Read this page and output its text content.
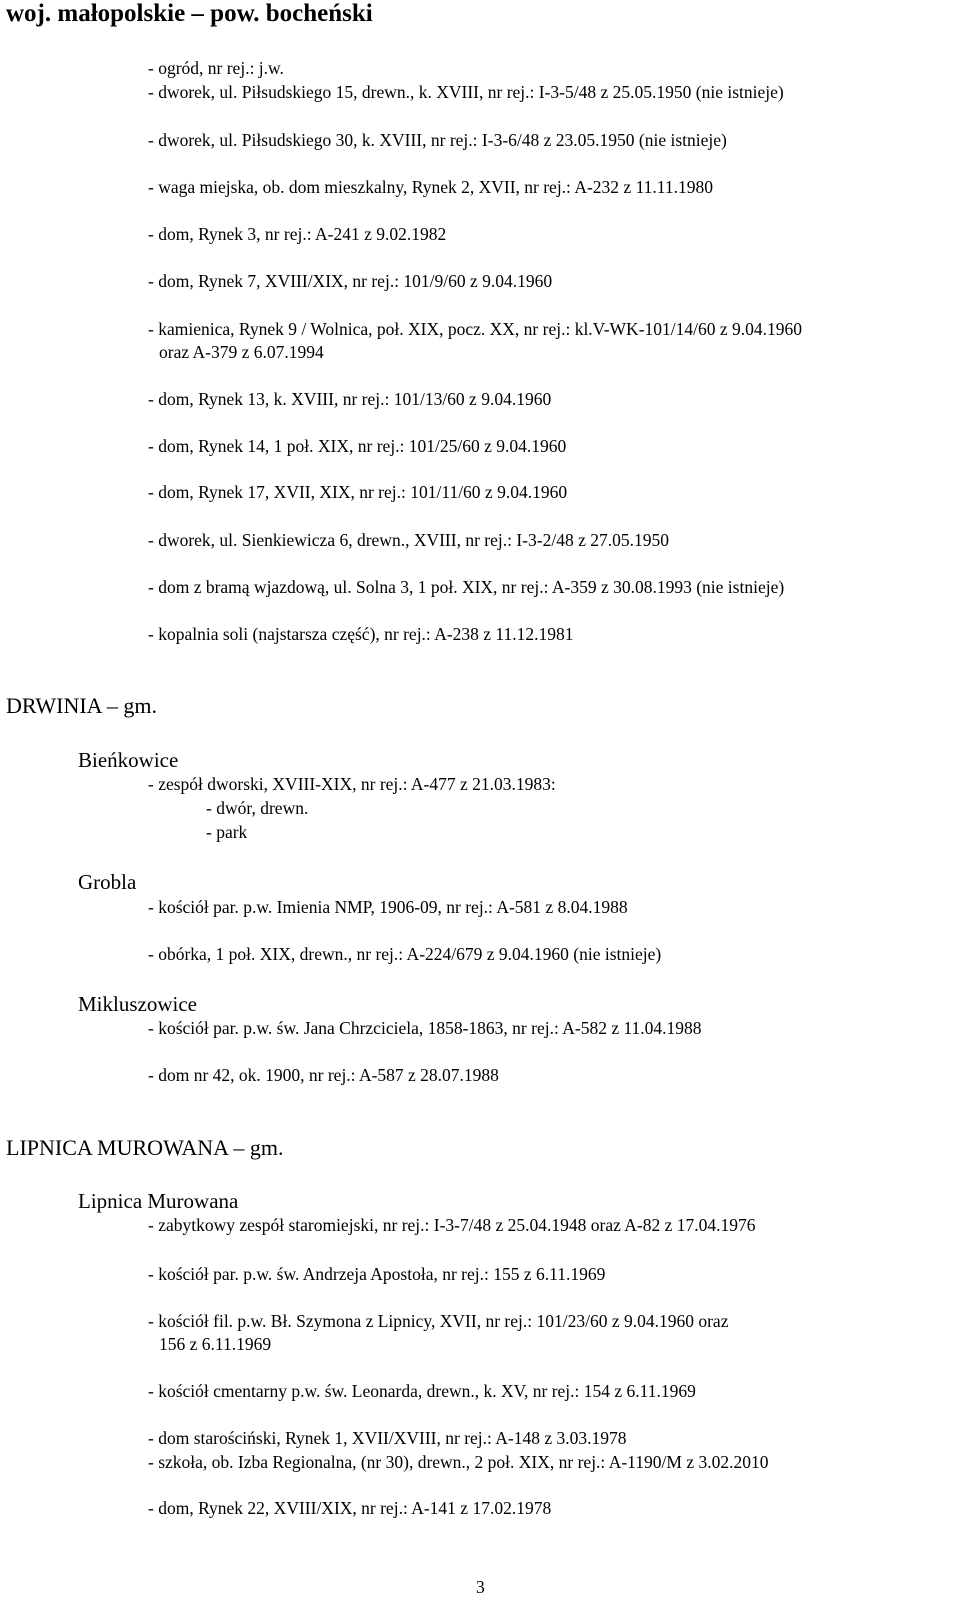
woj. małopolskie – pow. bocheński
- ogród, nr rej.: j.w.
- dworek, ul. Piłsudskiego 15, drewn., k. XVIII, nr rej.: I-3-5/48 z 25.05.1950 (nie istnieje)
- dworek, ul. Piłsudskiego 30, k. XVIII, nr rej.: I-3-6/48 z 23.05.1950 (nie istnieje)
- waga miejska, ob. dom mieszkalny, Rynek 2, XVII, nr rej.: A-232 z 11.11.1980
- dom, Rynek 3, nr rej.: A-241 z 9.02.1982
- dom, Rynek 7, XVIII/XIX, nr rej.: 101/9/60 z 9.04.1960
- kamienica, Rynek 9 / Wolnica, poł. XIX, pocz. XX, nr rej.: kl.V-WK-101/14/60 z 9.04.1960
oraz A-379 z 6.07.1994
- dom, Rynek 13, k. XVIII, nr rej.: 101/13/60 z 9.04.1960
- dom, Rynek 14, 1 poł. XIX, nr rej.: 101/25/60 z 9.04.1960
- dom, Rynek 17, XVII, XIX, nr rej.: 101/11/60 z 9.04.1960
- dworek, ul. Sienkiewicza 6, drewn., XVIII, nr rej.: I-3-2/48 z 27.05.1950
- dom z bramą wjazdową, ul. Solna 3, 1 poł. XIX, nr rej.: A-359 z 30.08.1993 (nie istnieje)
- kopalnia soli (najstarsza część), nr rej.: A-238 z 11.12.1981
DRWINIA – gm.
Bieńkowice
- zespół dworski, XVIII-XIX, nr rej.: A-477 z 21.03.1983:
- dwór, drewn.
- park
Grobla
- kościół par. p.w. Imienia NMP, 1906-09, nr rej.: A-581 z 8.04.1988
- obórka, 1 poł. XIX, drewn., nr rej.: A-224/679 z 9.04.1960 (nie istnieje)
Mikluszowice
- kościół par. p.w. św. Jana Chrzciciela, 1858-1863, nr rej.: A-582 z 11.04.1988
- dom nr 42, ok. 1900, nr rej.: A-587 z 28.07.1988
LIPNICA MUROWANA – gm.
Lipnica Murowana
- zabytkowy zespół staromiejski, nr rej.: I-3-7/48 z 25.04.1948 oraz A-82 z 17.04.1976
- kościół par. p.w. św. Andrzeja Apostoła, nr rej.: 155 z 6.11.1969
- kościół fil. p.w. Bł. Szymona z Lipnicy, XVII, nr rej.: 101/23/60 z 9.04.1960 oraz
156 z 6.11.1969
- kościół cmentarny p.w. św. Leonarda, drewn., k. XV, nr rej.: 154 z 6.11.1969
- dom starościński, Rynek 1, XVII/XVIII, nr rej.: A-148 z 3.03.1978
- szkoła, ob. Izba Regionalna, (nr 30), drewn., 2 poł. XIX, nr rej.: A-1190/M z 3.02.2010
- dom, Rynek 22, XVIII/XIX, nr rej.: A-141 z 17.02.1978
3
